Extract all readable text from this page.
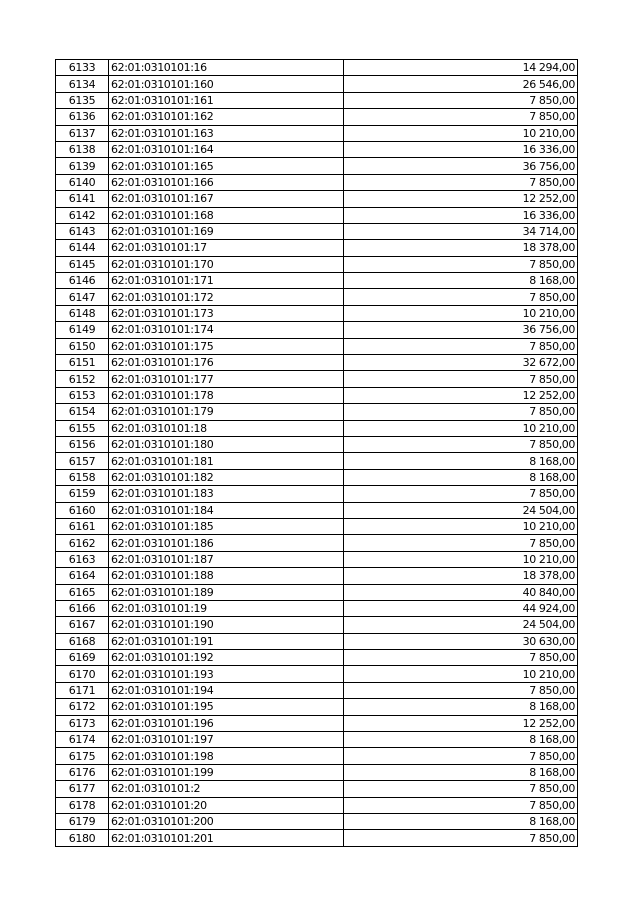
6133	62:01:0310101:16	14 294,00
6134	62:01:0310101:160	26 546,00
6135	62:01:0310101:161	7 850,00
6136	62:01:0310101:162	7 850,00
6137	62:01:0310101:163	10 210,00
6138	62:01:0310101:164	16 336,00
6139	62:01:0310101:165	36 756,00
6140	62:01:0310101:166	7 850,00
6141	62:01:0310101:167	12 252,00
6142	62:01:0310101:168	16 336,00
6143	62:01:0310101:169	34 714,00
6144	62:01:0310101:17	18 378,00
6145	62:01:0310101:170	7 850,00
6146	62:01:0310101:171	8 168,00
6147	62:01:0310101:172	7 850,00
6148	62:01:0310101:173	10 210,00
6149	62:01:0310101:174	36 756,00
6150	62:01:0310101:175	7 850,00
6151	62:01:0310101:176	32 672,00
6152	62:01:0310101:177	7 850,00
6153	62:01:0310101:178	12 252,00
6154	62:01:0310101:179	7 850,00
6155	62:01:0310101:18	10 210,00
6156	62:01:0310101:180	7 850,00
6157	62:01:0310101:181	8 168,00
6158	62:01:0310101:182	8 168,00
6159	62:01:0310101:183	7 850,00
6160	62:01:0310101:184	24 504,00
6161	62:01:0310101:185	10 210,00
6162	62:01:0310101:186	7 850,00
6163	62:01:0310101:187	10 210,00
6164	62:01:0310101:188	18 378,00
6165	62:01:0310101:189	40 840,00
6166	62:01:0310101:19	44 924,00
6167	62:01:0310101:190	24 504,00
6168	62:01:0310101:191	30 630,00
6169	62:01:0310101:192	7 850,00
6170	62:01:0310101:193	10 210,00
6171	62:01:0310101:194	7 850,00
6172	62:01:0310101:195	8 168,00
6173	62:01:0310101:196	12 252,00
6174	62:01:0310101:197	8 168,00
6175	62:01:0310101:198	7 850,00
6176	62:01:0310101:199	8 168,00
6177	62:01:0310101:2	7 850,00
6178	62:01:0310101:20	7 850,00
6179	62:01:0310101:200	8 168,00
6180	62:01:0310101:201	7 850,00
